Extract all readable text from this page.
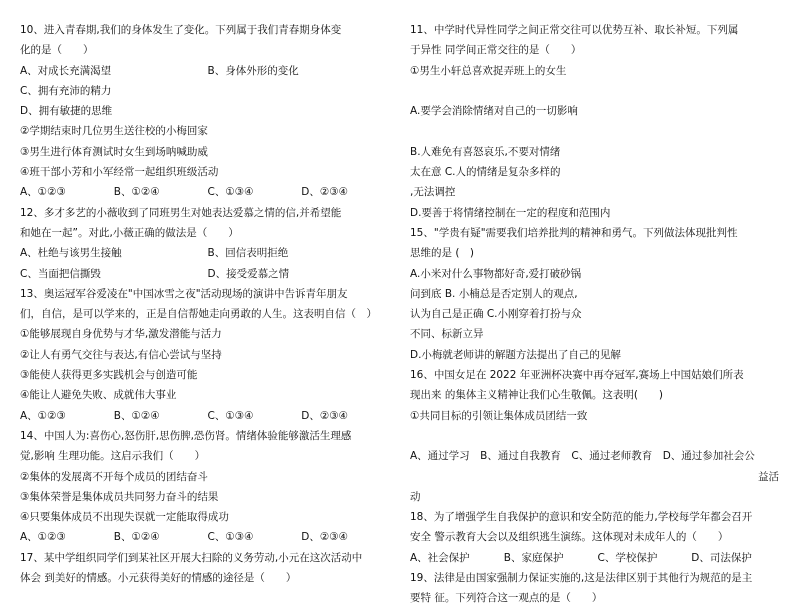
10、进入青春期,我们的身体发生了变化。下列属于我们青春期身体变
化的是（　　）
A、对成长充满渴望	B、身体外形的变化
C、拥有充沛的精力
D、拥有敏捷的思维
②学期结束时几位男生送往校的小梅回家
③男生进行体育测试时女生到场呐喊助威
④班干部小芳和小军经常一起组织班级活动
A、①②③	B、①②④	C、①③④	D、②③④
12、多才多艺的小薇收到了同班男生对她表达爱慕之情的信,并希望能
和她在一起”。对此,小薇正确的做法是（　　）
A、杜绝与该男生接触	B、回信表明拒绝
C、当面把信撕毁	D、接受爱慕之情
13、奥运冠军谷爱凌在"中国冰雪之夜"活动现场的演讲中告诉青年朋友
们，自信，是可以学来的，正是自信帮她走向勇敢的人生。这表明自信（　）
①能够展现自身优势与才华,激发潜能与活力
②让人有勇气交往与表达,有信心尝试与坚持
③能使人获得更多实践机会与创造可能
④能让人避免失败、成就伟大事业
A、①②③	B、①②④	C、①③④	D、②③④
14、中国人为:喜伤心,怒伤肝,思伤脾,恐伤肾。情绪体验能够激活生理感
觉,影响 生理功能。这启示我们（　　）
②集体的发展离不开每个成员的团结奋斗
③集体荣誉是集体成员共同努力奋斗的结果
④只要集体成员不出现失误就一定能取得成功
A、①②③	B、①②④	C、①③④	D、②③④
17、某中学组织同学们到某社区开展大扫除的义务劳动,小元在这次活动中
体会 到美好的情感。小元获得美好的情感的途径是（　　）
11、中学时代异性同学之间正常交往可以优势互补、取长补短。下列属
于异性 同学间正常交往的是（　　）
①男生小轩总喜欢捉弄班上的女生
A.要学会消除情绪对自己的一切影响
B.人难免有喜怒哀乐,不要对情绪
太在意 C.人的情绪是复杂多样的
,无法调控
D.要善于将情绪控制在一定的程度和范围内
15、"学贵有疑"需要我们培养批判的精神和勇气。下列做法体现批判性
思维的是 (　)
A.小米对什么事物都好奇,爱打破砂锅
问到底 B. 小楠总是否定别人的观点,
认为自己是正确 C.小刚穿着打扮与众
不同、标新立异
D.小梅就老师讲的解题方法提出了自己的见解
16、中国女足在 2022 年亚洲杯决赛中再夺冠军,赛场上中国姑娘们所表
现出来 的集体主义精神让我们心生敬佩。这表明(　　)
①共同目标的引领让集体成员团结一致
A、通过学习　B、通过自我教育　C、通过老师教育　D、通过参加社会公
益活
动
18、为了增强学生自我保护的意识和安全防范的能力,学校每学年都会召开
安全 警示教育大会以及组织逃生演练。这体现对未成年人的（　　）
A、社会保护	B、家庭保护	C、学校保护	D、司法保护
19、法律是由国家强制力保证实施的,这是法律区别于其他行为规范的是主
要特 征。下列符合这一观点的是（　　）
